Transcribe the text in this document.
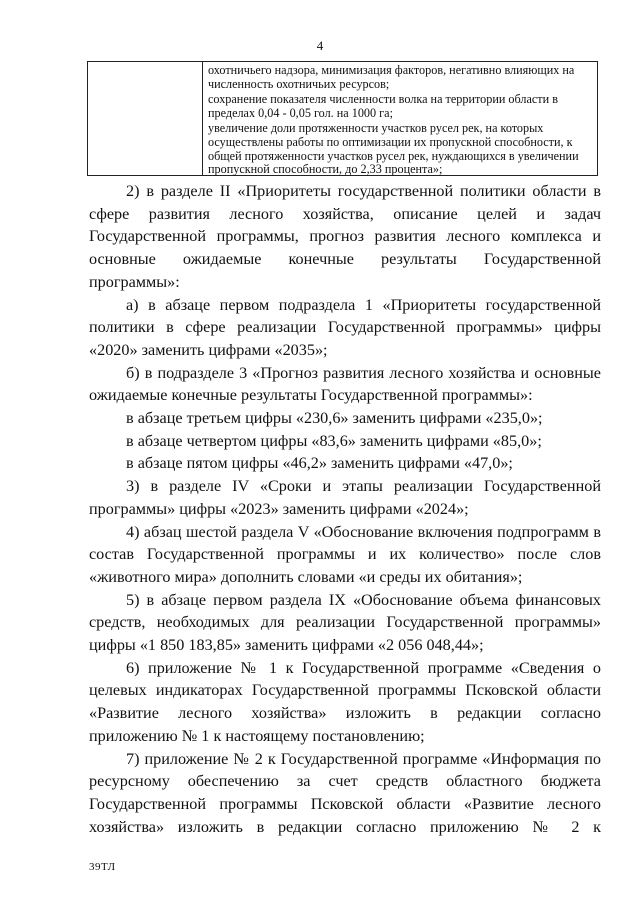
4

охотничьего надзора, минимизация факторов, негативно влияющих на численность охотничьих ресурсов;

сохранение показателя численности волка на территории области в пределах 0,04 - 0,05 гол. на 1000 га;

увеличение доли протяженности участков русел рек, на которых осуществлены работы по оптимизации их пропускной способности, к общей протяженности участков русел рек, нуждающихся в увеличении пропускной способности, до 2,33 процента»;

2) в разделе II «Приоритеты государственной политики области в сфере развития лесного хозяйства, описание целей и задач Государственной программы, прогноз развития лесного комплекса и основные ожидаемые конечные результаты Государственной программы»:

а) в абзаце первом подраздела 1 «Приоритеты государственной политики в сфере реализации Государственной программы» цифры «2020» заменить цифрами «2035»;

б) в подразделе 3 «Прогноз развития лесного хозяйства и основные ожидаемые конечные результаты Государственной программы»:

в абзаце третьем цифры «230,6» заменить цифрами «235,0»;

в абзаце четвертом цифры «83,6» заменить цифрами «85,0»;

в абзаце пятом цифры «46,2» заменить цифрами «47,0»;

3) в разделе IV «Сроки и этапы реализации Государственной программы» цифры «2023» заменить цифрами «2024»;

4) абзац шестой раздела V «Обоснование включения подпрограмм в состав Государственной программы и их количество» после слов «животного мира» дополнить словами «и среды их обитания»;

5) в абзаце первом раздела IX «Обоснование объема финансовых средств, необходимых для реализации Государственной программы» цифры «1 850 183,85» заменить цифрами «2 056 048,44»;

6) приложение № 1 к Государственной программе «Сведения о целевых индикаторах Государственной программы Псковской области «Развитие лесного хозяйства» изложить в редакции согласно приложению № 1 к настоящему постановлению;

7) приложение № 2 к Государственной программе «Информация по ресурсному обеспечению за счет средств областного бюджета Государственной программы Псковской области «Развитие лесного хозяйства» изложить в редакции согласно приложению № 2 к

39ТЛ
